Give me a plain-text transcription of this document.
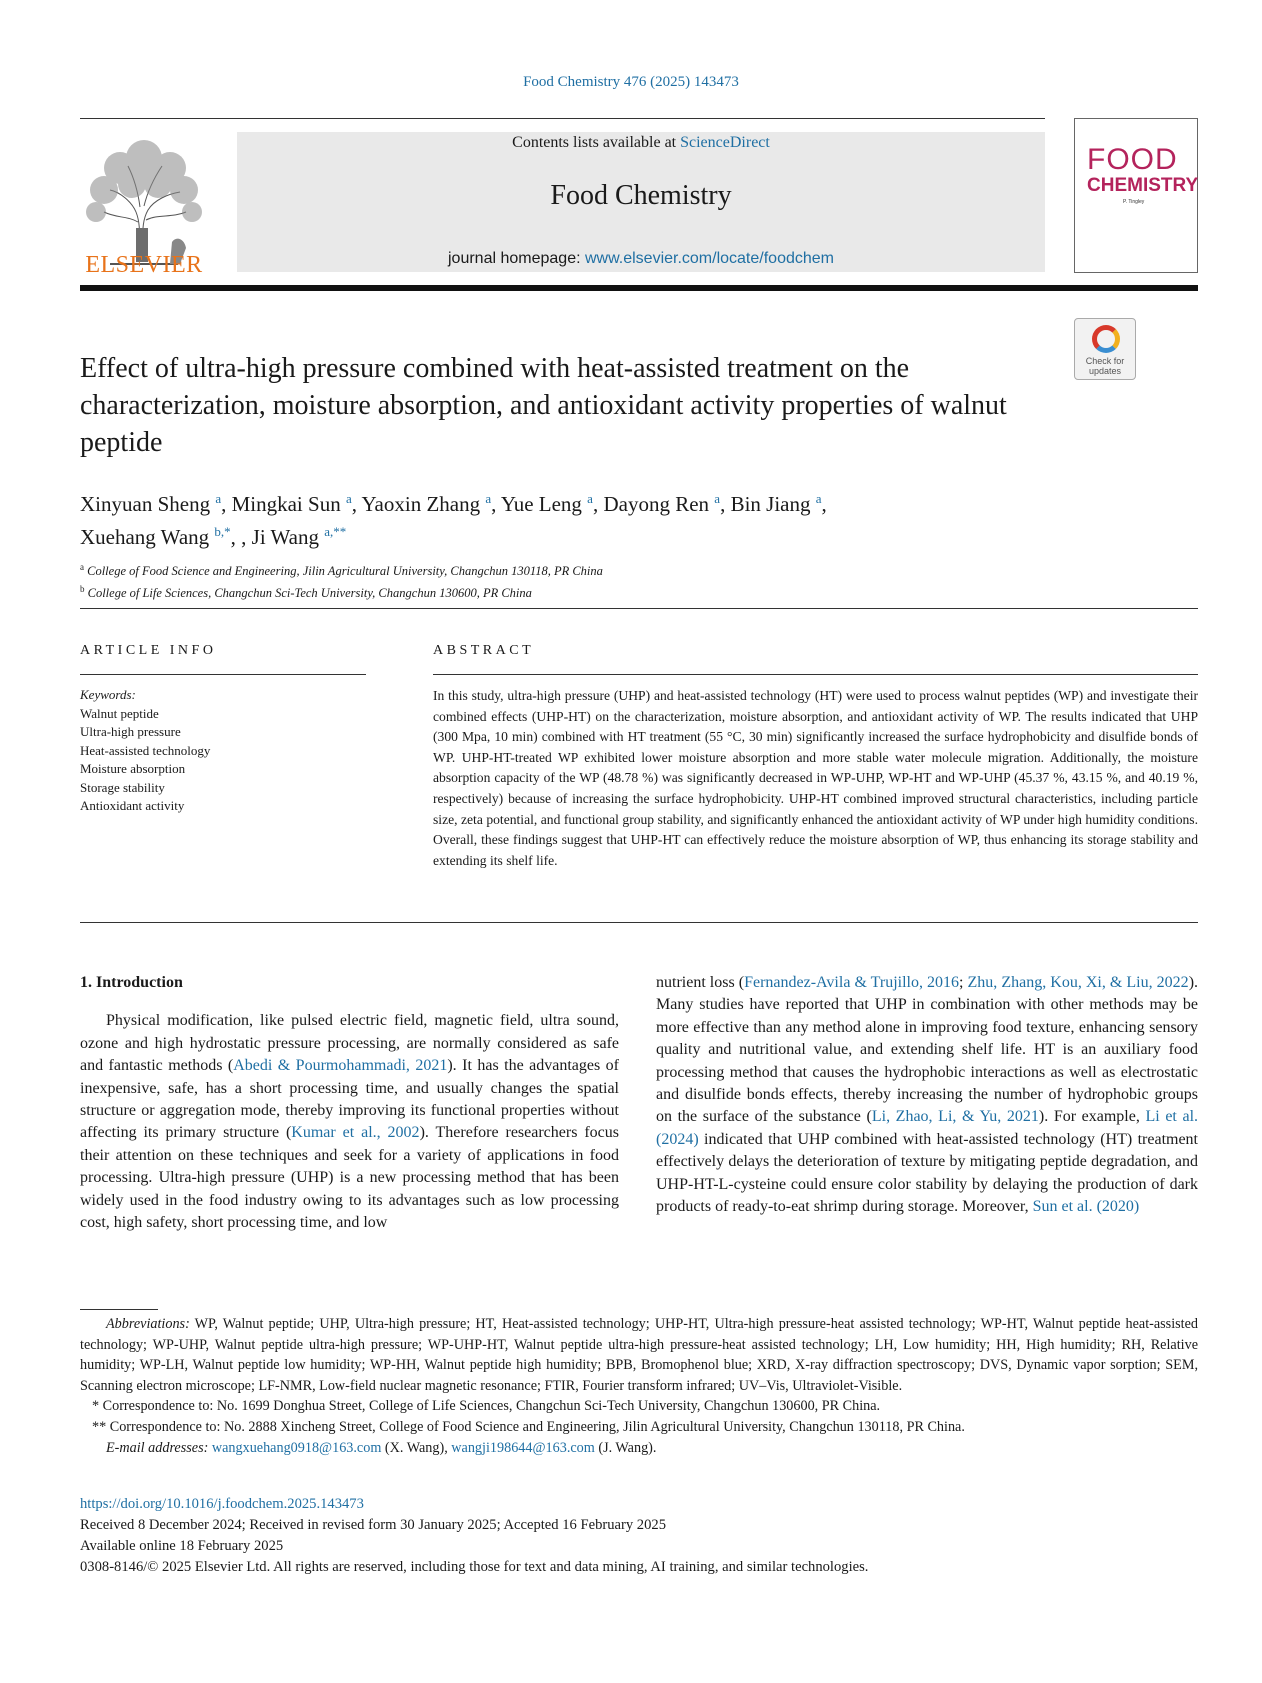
Food Chemistry 476 (2025) 143473
ELSEVIER
Contents lists available at ScienceDirect
Food Chemistry
journal homepage: www.elsevier.com/locate/foodchem
FOOD
CHEMISTRY
P. Tingley
Check for updates
Effect of ultra-high pressure combined with heat-assisted treatment on the characterization, moisture absorption, and antioxidant activity properties of walnut peptide
Xinyuan Sheng $^a$, Mingkai Sun $^a$, Yaoxin Zhang $^a$, Yue Leng $^a$, Dayong Ren $^a$, Bin Jiang $^a$,
Xuehang Wang $^{b,*}$, , Ji Wang $^{a,**}$
$^a$ College of Food Science and Engineering, Jilin Agricultural University, Changchun 130118, PR China
$^b$ College of Life Sciences, Changchun Sci-Tech University, Changchun 130600, PR China
ARTICLE INFO
Keywords:
Walnut peptide
Ultra-high pressure
Heat-assisted technology
Moisture absorption
Storage stability
Antioxidant activity
ABSTRACT
In this study, ultra-high pressure (UHP) and heat-assisted technology (HT) were used to process walnut peptides (WP) and investigate their combined effects (UHP-HT) on the characterization, moisture absorption, and antioxidant activity of WP. The results indicated that UHP (300 Mpa, 10 min) combined with HT treatment (55 °C, 30 min) significantly increased the surface hydrophobicity and disulfide bonds of WP. UHP-HT-treated WP exhibited lower moisture absorption and more stable water molecule migration. Additionally, the moisture absorption capacity of the WP (48.78 %) was significantly decreased in WP-UHP, WP-HT and WP-UHP (45.37 %, 43.15 %, and 40.19 %, respectively) because of increasing the surface hydrophobicity. UHP-HT combined improved structural characteristics, including particle size, zeta potential, and functional group stability, and significantly enhanced the antioxidant activity of WP under high humidity conditions. Overall, these findings suggest that UHP-HT can effectively reduce the moisture absorption of WP, thus enhancing its storage stability and extending its shelf life.
1. Introduction

Physical modification, like pulsed electric field, magnetic field, ultra sound, ozone and high hydrostatic pressure processing, are normally considered as safe and fantastic methods (Abedi & Pourmohammadi, 2021). It has the advantages of inexpensive, safe, has a short processing time, and usually changes the spatial structure or aggregation mode, thereby improving its functional properties without affecting its primary structure (Kumar et al., 2002). Therefore researchers focus their attention on these techniques and seek for a variety of applications in food processing. Ultra-high pressure (UHP) is a new processing method that has been widely used in the food industry owing to its advantages such as low processing cost, high safety, short processing time, and low

nutrient loss (Fernandez-Avila & Trujillo, 2016; Zhu, Zhang, Kou, Xi, & Liu, 2022). Many studies have reported that UHP in combination with other methods may be more effective than any method alone in improving food texture, enhancing sensory quality and nutritional value, and extending shelf life. HT is an auxiliary food processing method that causes the hydrophobic interactions as well as electrostatic and disulfide bonds effects, thereby increasing the number of hydrophobic groups on the surface of the substance (Li, Zhao, Li, & Yu, 2021). For example, Li et al. (2024) indicated that UHP combined with heat-assisted technology (HT) treatment effectively delays the deterioration of texture by mitigating peptide degradation, and UHP-HT-L-cysteine could ensure color stability by delaying the production of dark products of ready-to-eat shrimp during storage. Moreover, Sun et al. (2020)

Abbreviations: WP, Walnut peptide; UHP, Ultra-high pressure; HT, Heat-assisted technology; UHP-HT, Ultra-high pressure-heat assisted technology; WP-HT, Walnut peptide heat-assisted technology; WP-UHP, Walnut peptide ultra-high pressure; WP-UHP-HT, Walnut peptide ultra-high pressure-heat assisted technology; LH, Low humidity; HH, High humidity; RH, Relative humidity; WP-LH, Walnut peptide low humidity; WP-HH, Walnut peptide high humidity; BPB, Bromophenol blue; XRD, X-ray diffraction spectroscopy; DVS, Dynamic vapor sorption; SEM, Scanning electron microscope; LF-NMR, Low-field nuclear magnetic resonance; FTIR, Fourier transform infrared; UV–Vis, Ultraviolet-Visible.
* Correspondence to: No. 1699 Donghua Street, College of Life Sciences, Changchun Sci-Tech University, Changchun 130600, PR China.
** Correspondence to: No. 2888 Xincheng Street, College of Food Science and Engineering, Jilin Agricultural University, Changchun 130118, PR China.
E-mail addresses: wangxuehang0918@163.com (X. Wang), wangji198644@163.com (J. Wang).
https://doi.org/10.1016/j.foodchem.2025.143473
Received 8 December 2024; Received in revised form 30 January 2025; Accepted 16 February 2025
Available online 18 February 2025
0308-8146/© 2025 Elsevier Ltd. All rights are reserved, including those for text and data mining, AI training, and similar technologies.
